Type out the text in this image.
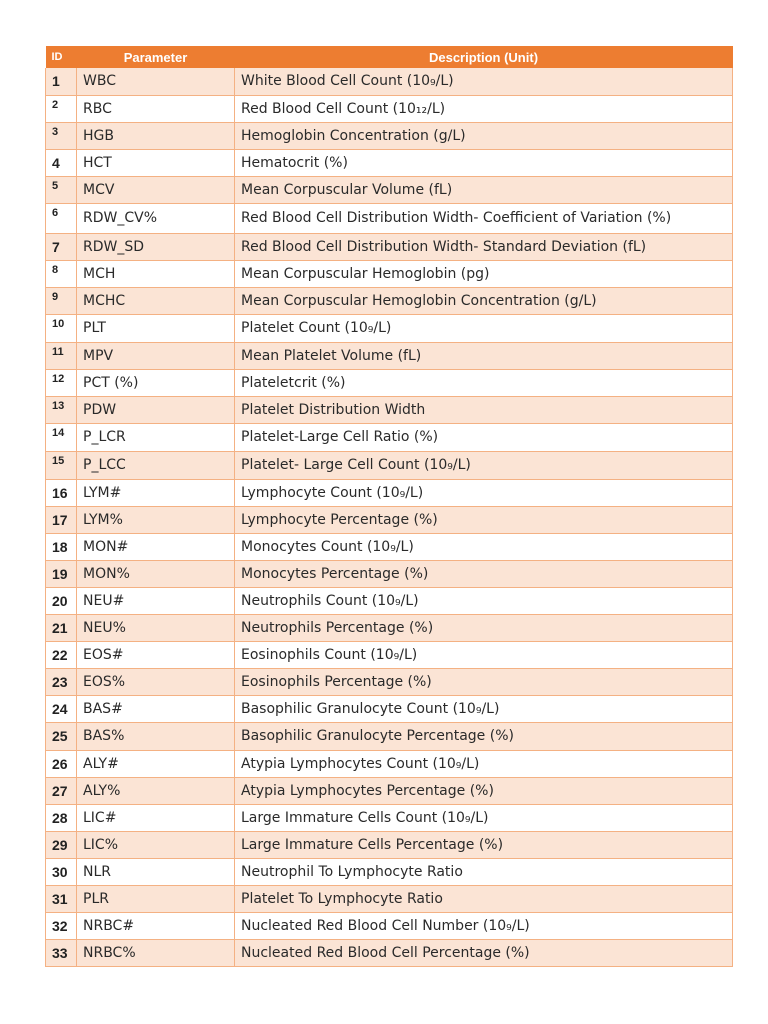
ID	Parameter	Description (Unit)
1	WBC	White Blood Cell Count (10₉/L)
2	RBC	Red Blood Cell Count (10₁₂/L)
3	HGB	Hemoglobin Concentration (g/L)
4	HCT	Hematocrit (%)
5	MCV	Mean Corpuscular Volume (fL)
6	RDW_CV%	Red Blood Cell Distribution Width- Coefficient of Variation (%)
7	RDW_SD	Red Blood Cell Distribution Width- Standard Deviation (fL)
8	MCH	Mean Corpuscular Hemoglobin (pg)
9	MCHC	Mean Corpuscular Hemoglobin Concentration (g/L)
10	PLT	Platelet Count (10₉/L)
11	MPV	Mean Platelet Volume (fL)
12	PCT (%)	Plateletcrit (%)
13	PDW	Platelet Distribution Width
14	P_LCR	Platelet-Large Cell Ratio (%)
15	P_LCC	Platelet- Large Cell Count (10₉/L)
16	LYM#	Lymphocyte Count (10₉/L)
17	LYM%	Lymphocyte Percentage (%)
18	MON#	Monocytes Count (10₉/L)
19	MON%	Monocytes Percentage (%)
20	NEU#	Neutrophils Count (10₉/L)
21	NEU%	Neutrophils Percentage (%)
22	EOS#	Eosinophils Count (10₉/L)
23	EOS%	Eosinophils Percentage (%)
24	BAS#	Basophilic Granulocyte Count (10₉/L)
25	BAS%	Basophilic Granulocyte Percentage (%)
26	ALY#	Atypia Lymphocytes Count (10₉/L)
27	ALY%	Atypia Lymphocytes Percentage (%)
28	LIC#	Large Immature Cells Count (10₉/L)
29	LIC%	Large Immature Cells Percentage (%)
30	NLR	Neutrophil To Lymphocyte Ratio
31	PLR	Platelet To Lymphocyte Ratio
32	NRBC#	Nucleated Red Blood Cell Number (10₉/L)
33	NRBC%	Nucleated Red Blood Cell Percentage (%)
